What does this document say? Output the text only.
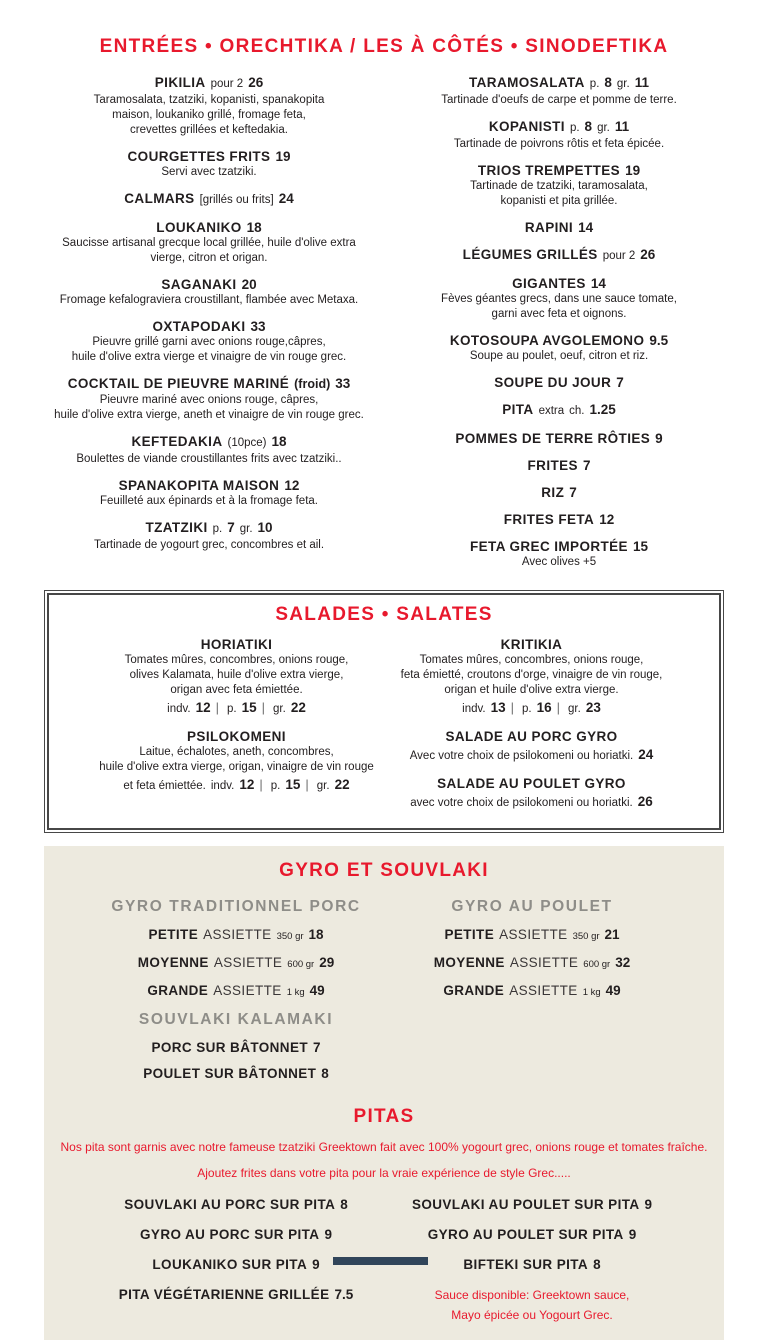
ENTRÉES • ORECHTIKA / LES À CÔTÉS • SINODEFTIKA
PIKILIA pour 2 26
Taramosalata, tzatziki, kopanisti, spanakopita
maison, loukaniko grillé, fromage feta,
crevettes grillées et keftedakia.
COURGETTES FRITS 19
Servi avec tzatziki.
CALMARS [grillés ou frits] 24
LOUKANIKO 18
Saucisse artisanal grecque local grillée, huile d'olive extra
vierge, citron et origan.
SAGANAKI 20
Fromage kefalograviera croustillant, flambée avec Metaxa.
OXTAPODAKI 33
Pieuvre grillé garni avec onions rouge,câpres,
huile d'olive extra vierge et vinaigre de vin rouge grec.
COCKTAIL DE PIEUVRE MARINÉ (froid) 33
Pieuvre mariné avec onions rouge, câpres,
huile d'olive extra vierge, aneth et vinaigre de vin rouge grec.
KEFTEDAKIA (10pce) 18
Boulettes de viande croustillantes frits avec tzatziki..
SPANAKOPITA MAISON 12
Feuilleté aux épinards et à la fromage feta.
TZATZIKI p. 7 gr. 10
Tartinade de yogourt grec, concombres et ail.
TARAMOSALATA p. 8 gr. 11
Tartinade d'oeufs de carpe et pomme de terre.
KOPANISTI p. 8 gr. 11
Tartinade de poivrons rôtis et feta épicée.
TRIOS TREMPETTES 19
Tartinade de tzatziki, taramosalata,
kopanisti et pita grillée.
RAPINI 14
LÉGUMES GRILLÉS pour 2 26
GIGANTES 14
Fèves géantes grecs, dans une sauce tomate,
garni avec feta et oignons.
KOTOSOUPA AVGOLEMONO 9.5
Soupe au poulet, oeuf, citron et riz.
SOUPE DU JOUR 7
PITA extra ch. 1.25
POMMES DE TERRE RÔTIES 9
FRITES 7
RIZ 7
FRITES FETA 12
FETA GREC IMPORTÉE 15
Avec olives +5
SALADES • SALATES
HORIATIKI
Tomates mûres, concombres, onions rouge,
olives Kalamata, huile d'olive extra vierge,
origan avec feta émiettée.
indv. 12 | p. 15 | gr. 22
PSILOKOMENI
Laitue, échalotes, aneth, concombres,
huile d'olive extra vierge, origan, vinaigre de vin rouge
et feta émiettée. indv. 12 | p. 15 | gr. 22
KRITIKIA
Tomates mûres, concombres, onions rouge,
feta émietté, croutons d'orge, vinaigre de vin rouge,
origan et huile d'olive extra vierge.
indv. 13 | p. 16 | gr. 23
SALADE AU PORC GYRO
Avec votre choix de psilokomeni ou horiatki. 24
SALADE AU POULET GYRO
avec votre choix de psilokomeni ou horiatki. 26
GYRO ET SOUVLAKI
GYRO TRADITIONNEL PORC
PETITE ASSIETTE 350 gr 18
MOYENNE ASSIETTE 600 gr 29
GRANDE ASSIETTE 1 kg 49
SOUVLAKI KALAMAKI
PORC SUR BÂTONNET 7
POULET SUR BÂTONNET 8
GYRO AU POULET
PETITE ASSIETTE 350 gr 21
MOYENNE ASSIETTE 600 gr 32
GRANDE ASSIETTE 1 kg 49
PITAS
Nos pita sont garnis avec notre fameuse tzatziki Greektown fait avec 100% yogourt grec, onions rouge et tomates fraîche.
Ajoutez frites dans votre pita pour la vraie expérience de style Grec.....
SOUVLAKI AU PORC SUR PITA 8
GYRO AU PORC SUR PITA 9
LOUKANIKO SUR PITA 9
PITA VÉGÉTARIENNE GRILLÉE 7.5
SOUVLAKI AU POULET SUR PITA 9
GYRO AU POULET SUR PITA 9
BIFTEKI SUR PITA 8
Sauce disponible: Greektown sauce,
Mayo épicée ou Yogourt Grec.
